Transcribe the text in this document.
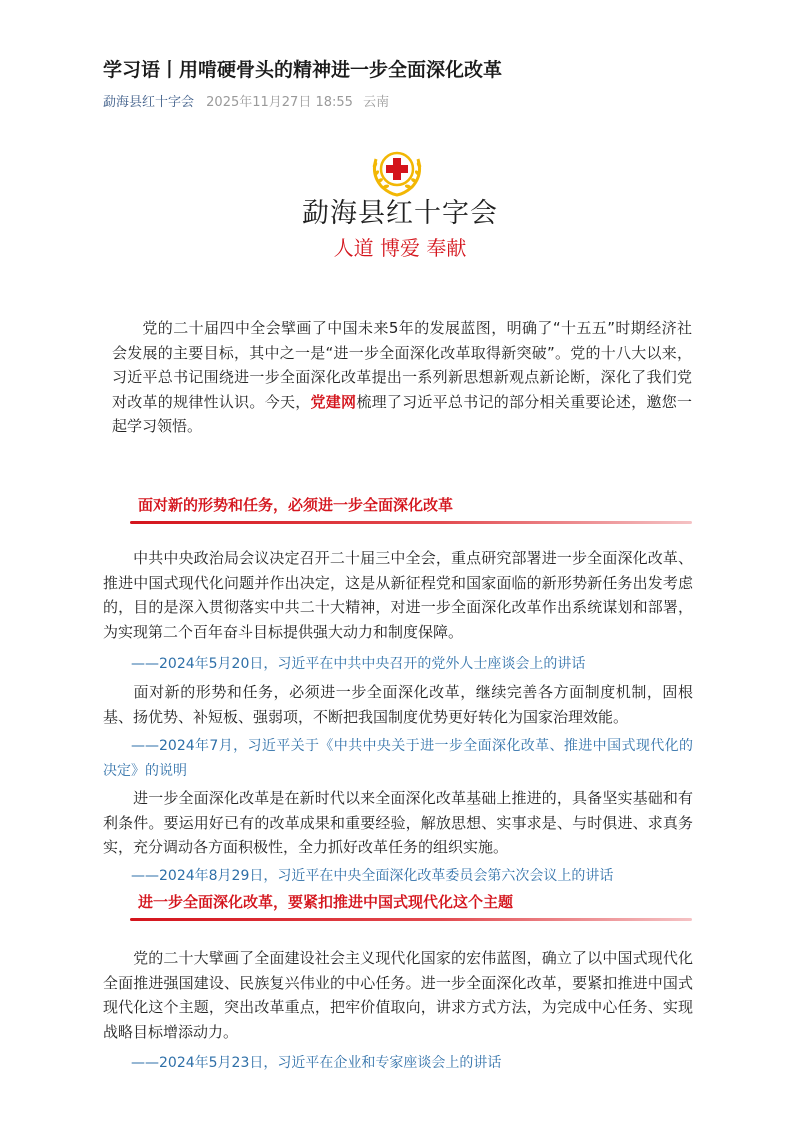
学习语丨用啃硬骨头的精神进一步全面深化改革
勐海县红十字会 2025年11月27日 18:55 云南
勐海县红十字会
人道 博爱 奉献

  党的二十届四中全会擘画了中国未来5年的发展蓝图，明确了“十五五”时期经济社会发展的主要目标，其中之一是“进一步全面深化改革取得新突破”。党的十八大以来，习近平总书记围绕进一步全面深化改革提出一系列新思想新观点新论断，深化了我们党对改革的规律性认识。今天，党建网梳理了习近平总书记的部分相关重要论述，邀您一起学习领悟。

面对新的形势和任务，必须进一步全面深化改革

  中共中央政治局会议决定召开二十届三中全会，重点研究部署进一步全面深化改革、推进中国式现代化问题并作出决定，这是从新征程党和国家面临的新形势新任务出发考虑的，目的是深入贯彻落实中共二十大精神，对进一步全面深化改革作出系统谋划和部署，为实现第二个百年奋斗目标提供强大动力和制度保障。

  ——2024年5月20日，习近平在中共中央召开的党外人士座谈会上的讲话

  面对新的形势和任务，必须进一步全面深化改革，继续完善各方面制度机制，固根基、扬优势、补短板、强弱项，不断把我国制度优势更好转化为国家治理效能。

  ——2024年7月，习近平关于《中共中央关于进一步全面深化改革、推进中国式现代化的决定》的说明

  进一步全面深化改革是在新时代以来全面深化改革基础上推进的，具备坚实基础和有利条件。要运用好已有的改革成果和重要经验，解放思想、实事求是、与时俱进、求真务实，充分调动各方面积极性，全力抓好改革任务的组织实施。

  ——2024年8月29日，习近平在中央全面深化改革委员会第六次会议上的讲话

进一步全面深化改革，要紧扣推进中国式现代化这个主题

  党的二十大擘画了全面建设社会主义现代化国家的宏伟蓝图，确立了以中国式现代化全面推进强国建设、民族复兴伟业的中心任务。进一步全面深化改革，要紧扣推进中国式现代化这个主题，突出改革重点，把牢价值取向，讲求方式方法，为完成中心任务、实现战略目标增添动力。

  ——2024年5月23日，习近平在企业和专家座谈会上的讲话
